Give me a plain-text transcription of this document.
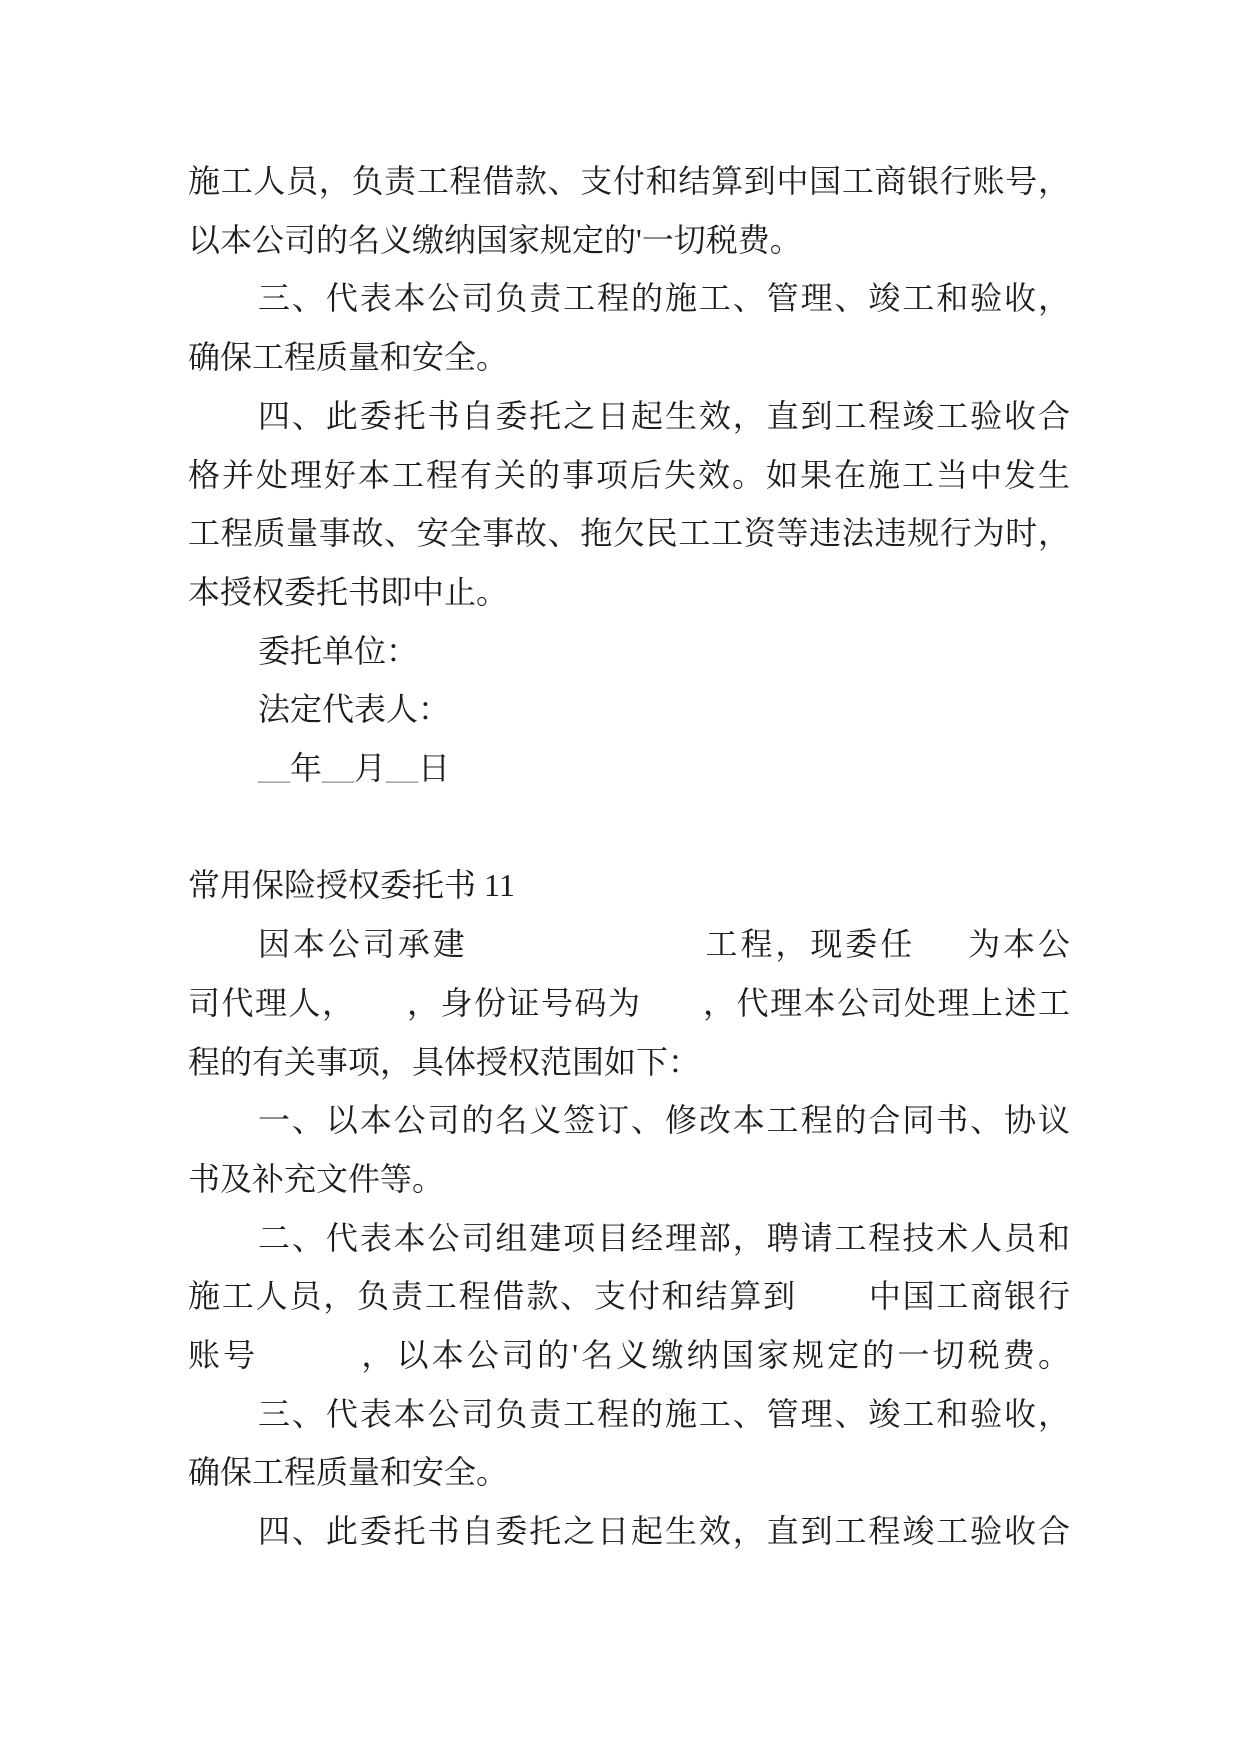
施工人员，负责工程借款、支付和结算到中国工商银行账号，
以本公司的名义缴纳国家规定的'一切税费。
三、代表本公司负责工程的施工、管理、竣工和验收，
确保工程质量和安全。
四、此委托书自委托之日起生效，直到工程竣工验收合
格并处理好本工程有关的事项后失效。如果在施工当中发生
工程质量事故、安全事故、拖欠民工工资等违法违规行为时，
本授权委托书即中止。
委托单位：
法定代表人：
__年__月__日
常用保险授权委托书 11
因本公司承建	工程，现委任 为本公
司代理人， ，身份证号码为 ，代理本公司处理上述工
程的有关事项，具体授权范围如下：
一、以本公司的名义签订、修改本工程的合同书、协议
书及补充文件等。
二、代表本公司组建项目经理部，聘请工程技术人员和
施工人员，负责工程借款、支付和结算到 中国工商银行
账号	，以本公司的'名义缴纳国家规定的一切税费。
三、代表本公司负责工程的施工、管理、竣工和验收，
确保工程质量和安全。
四、此委托书自委托之日起生效，直到工程竣工验收合
